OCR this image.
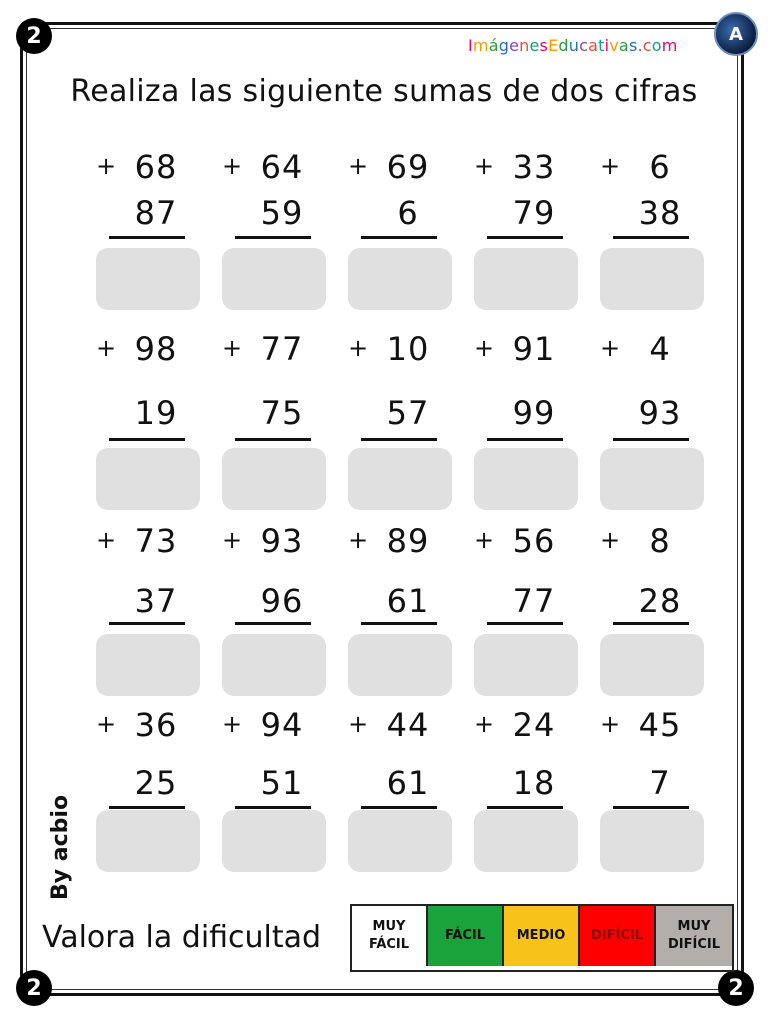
2
2	2
A
ImágenesEducativas.com
Realiza las siguiente sumas de dos cifras
+ 68
87
+ 64
59
+ 69
6
+ 33
79
+ 6
38
+ 98
19
+ 77
75
+ 10
57
+ 91
99
+ 4
93
+ 73
37
+ 93
96
+ 89
61
+ 56
77
+ 8
28
+ 36
25
+ 94
51
+ 44
61
+ 24
18
+ 45
7
By acbio
Valora la dificultad	MUY FÁCIL
FÁCIL	MEDIO	DIFÍCIL
MUY DIFÍCIL
